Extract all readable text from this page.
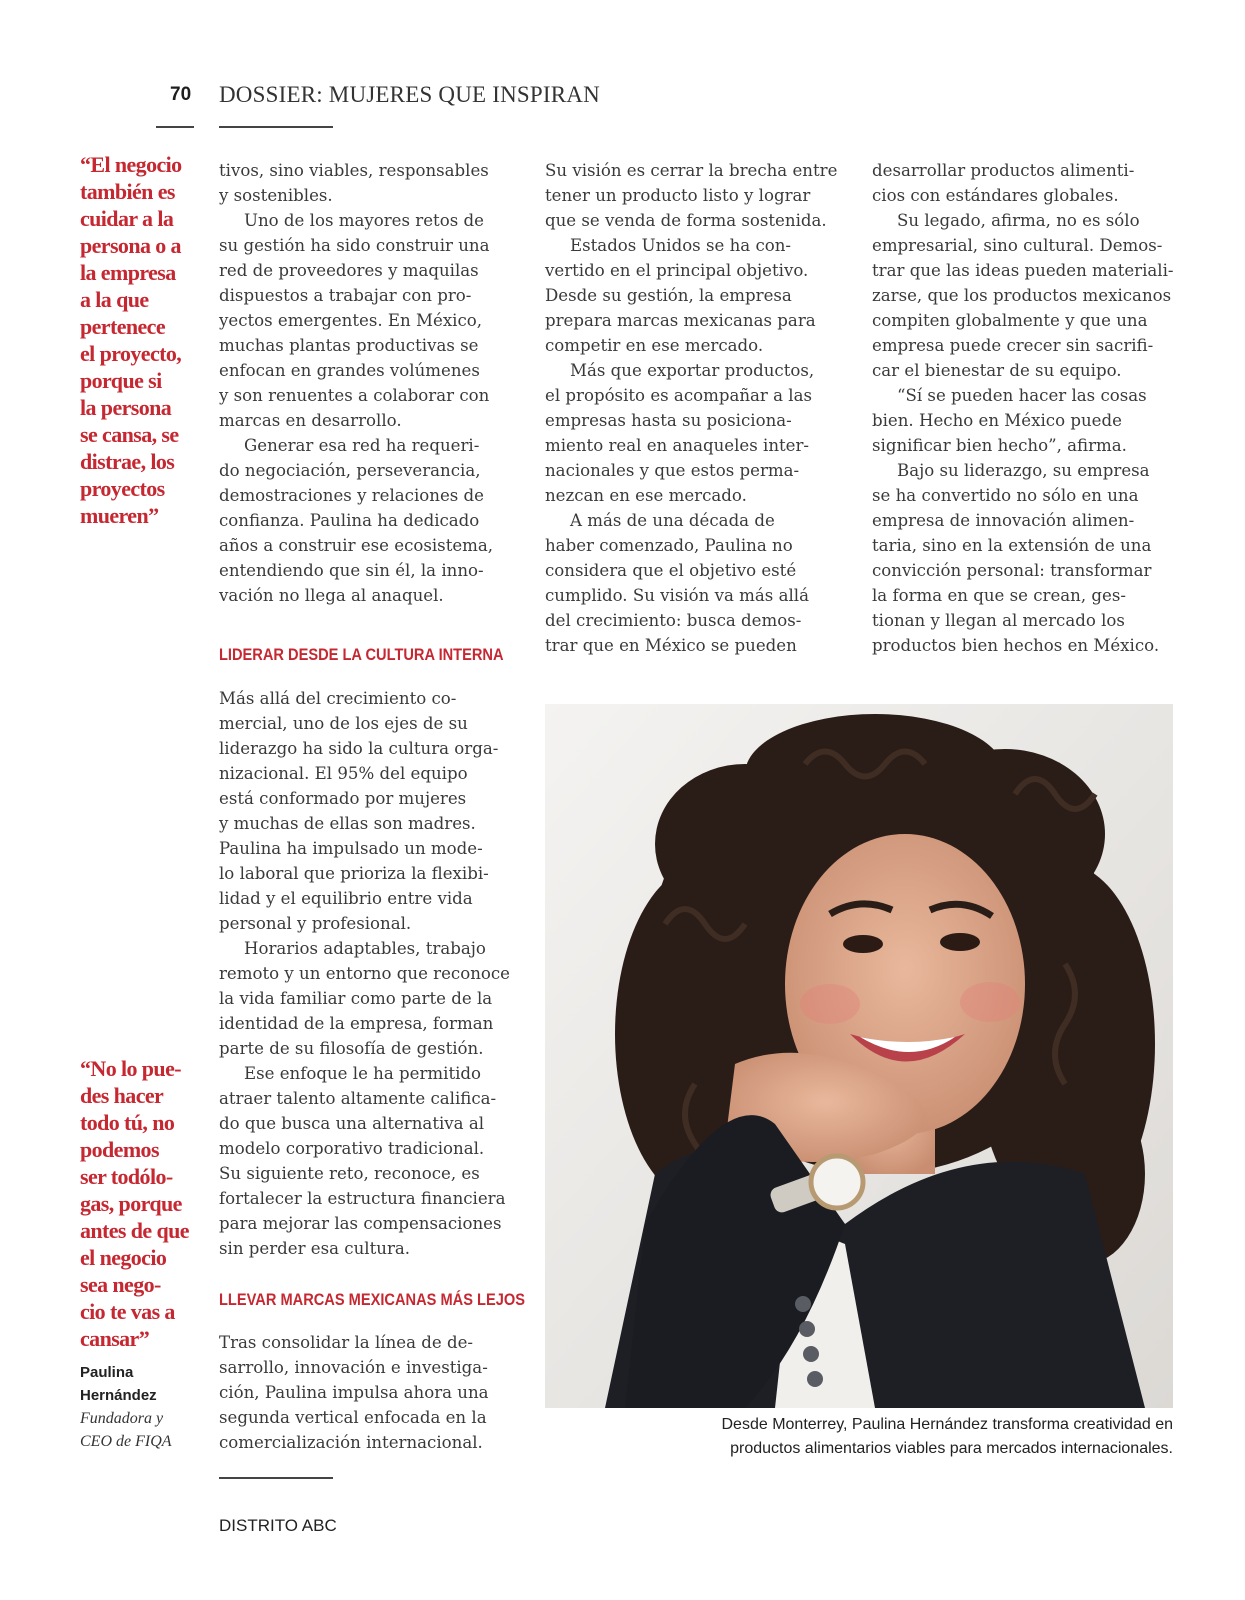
70 DOSSIER: MUJERES QUE INSPIRAN

“El negocio

también es

cuidar a la

persona o a

la empresa

a la que

pertenece

el proyecto,

porque si

la persona

se cansa, se

distrae, los

proyectos

mueren”

“No lo pue-

des hacer

todo tú, no

podemos

ser todólo-

gas, porque

antes de que

el negocio

sea nego-

cio te vas a

cansar”

Paulina
Hernández
Fundadora y
CEO de FIQA

tivos, sino viables, responsables

y sostenibles.

Uno de los mayores retos de

su gestión ha sido construir una

red de proveedores y maquilas

dispuestos a trabajar con pro-

yectos emergentes. En México,

muchas plantas productivas se

enfocan en grandes volúmenes

y son renuentes a colaborar con

marcas en desarrollo.

Generar esa red ha requeri-

do negociación, perseverancia,

demostraciones y relaciones de

confianza. Paulina ha dedicado

años a construir ese ecosistema,

entendiendo que sin él, la inno-

vación no llega al anaquel.

LIDERAR DESDE LA CULTURA INTERNA

Más allá del crecimiento co-

mercial, uno de los ejes de su

liderazgo ha sido la cultura orga-

nizacional. El 95% del equipo

está conformado por mujeres

y muchas de ellas son madres.

Paulina ha impulsado un mode-

lo laboral que prioriza la flexibi-

lidad y el equilibrio entre vida

personal y profesional.

Horarios adaptables, trabajo

remoto y un entorno que reconoce

la vida familiar como parte de la

identidad de la empresa, forman

parte de su filosofía de gestión.

Ese enfoque le ha permitido

atraer talento altamente califica-

do que busca una alternativa al

modelo corporativo tradicional.

Su siguiente reto, reconoce, es

fortalecer la estructura financiera

para mejorar las compensaciones

sin perder esa cultura.

LLEVAR MARCAS MEXICANAS MÁS LEJOS

Tras consolidar la línea de de-

sarrollo, innovación e investiga-

ción, Paulina impulsa ahora una

segunda vertical enfocada en la

comercialización internacional.

Su visión es cerrar la brecha entre

tener un producto listo y lograr

que se venda de forma sostenida.

Estados Unidos se ha con-

vertido en el principal objetivo.

Desde su gestión, la empresa

prepara marcas mexicanas para

competir en ese mercado.

Más que exportar productos,

el propósito es acompañar a las

empresas hasta su posiciona-

miento real en anaqueles inter-

nacionales y que estos perma-

nezcan en ese mercado.

A más de una década de

haber comenzado, Paulina no

considera que el objetivo esté

cumplido. Su visión va más allá

del crecimiento: busca demos-

trar que en México se pueden

desarrollar productos alimenti-

cios con estándares globales.

Su legado, afirma, no es sólo

empresarial, sino cultural. Demos-

trar que las ideas pueden materiali-

zarse, que los productos mexicanos

compiten globalmente y que una

empresa puede crecer sin sacrifi-

car el bienestar de su equipo.

“Sí se pueden hacer las cosas

bien. Hecho en México puede

significar bien hecho”, afirma.

Bajo su liderazgo, su empresa

se ha convertido no sólo en una

empresa de innovación alimen-

taria, sino en la extensión de una

convicción personal: transformar

la forma en que se crean, ges-

tionan y llegan al mercado los

productos bien hechos en México.

Desde Monterrey, Paulina Hernández transforma creatividad en
productos alimentarios viables para mercados internacionales.
DISTRITO ABC
